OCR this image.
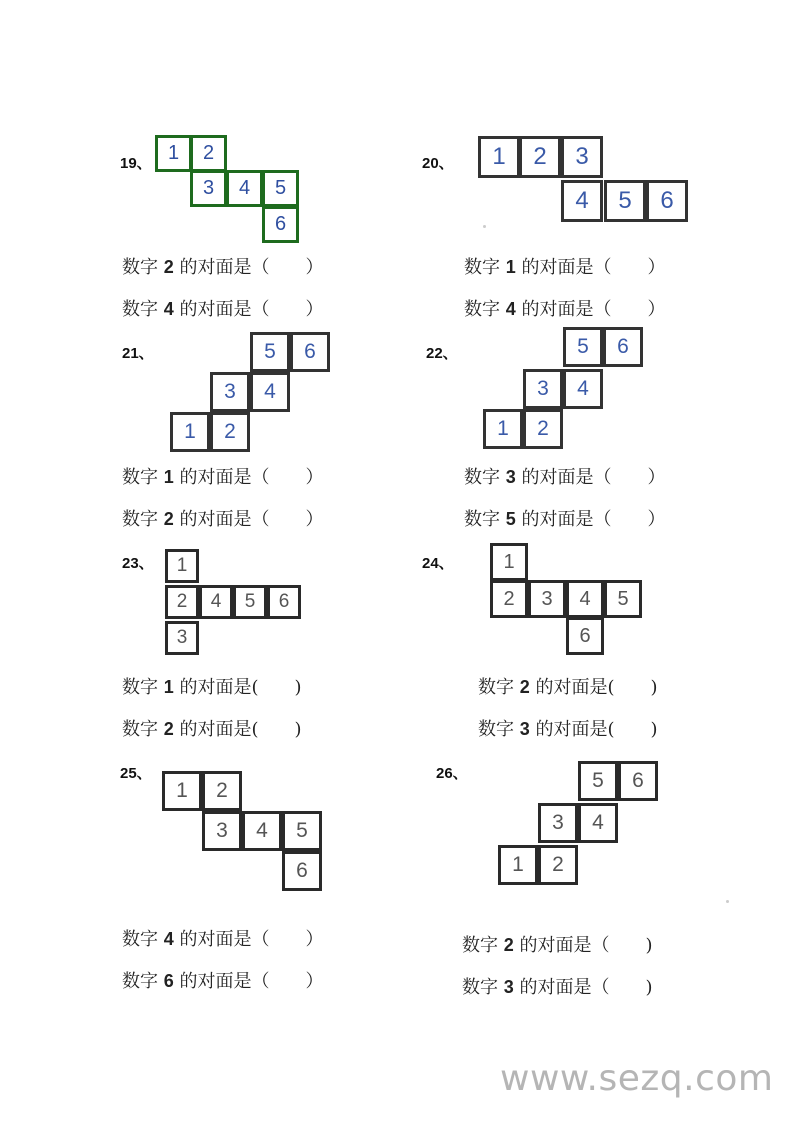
19、	20、
21、	22、
23、	24、
25、	26、
1	2
3	4	5
6
1	2	3
4	5	6
5	6
3	4
1	2
5	6
3	4
1	2
1
2	4	5	6
3
1
2	3	4	5
6
1	2
3	4	5
6
5	6
3	4
1	2
数字 2 的对面是（　　）
数字 4 的对面是（　　）
数字 1 的对面是（　　）
数字 4 的对面是（　　）
数字 1 的对面是（　　）
数字 2 的对面是（　　）
数字 3 的对面是（　　）
数字 5 的对面是（　　）
数字 1 的对面是(　　)
数字 2 的对面是(　　)
数字 2 的对面是(　　)
数字 3 的对面是(　　)
数字 4 的对面是（　　）
数字 6 的对面是（　　）
数字 2 的对面是（　　)
数字 3 的对面是（　　)
www.sezq.com
